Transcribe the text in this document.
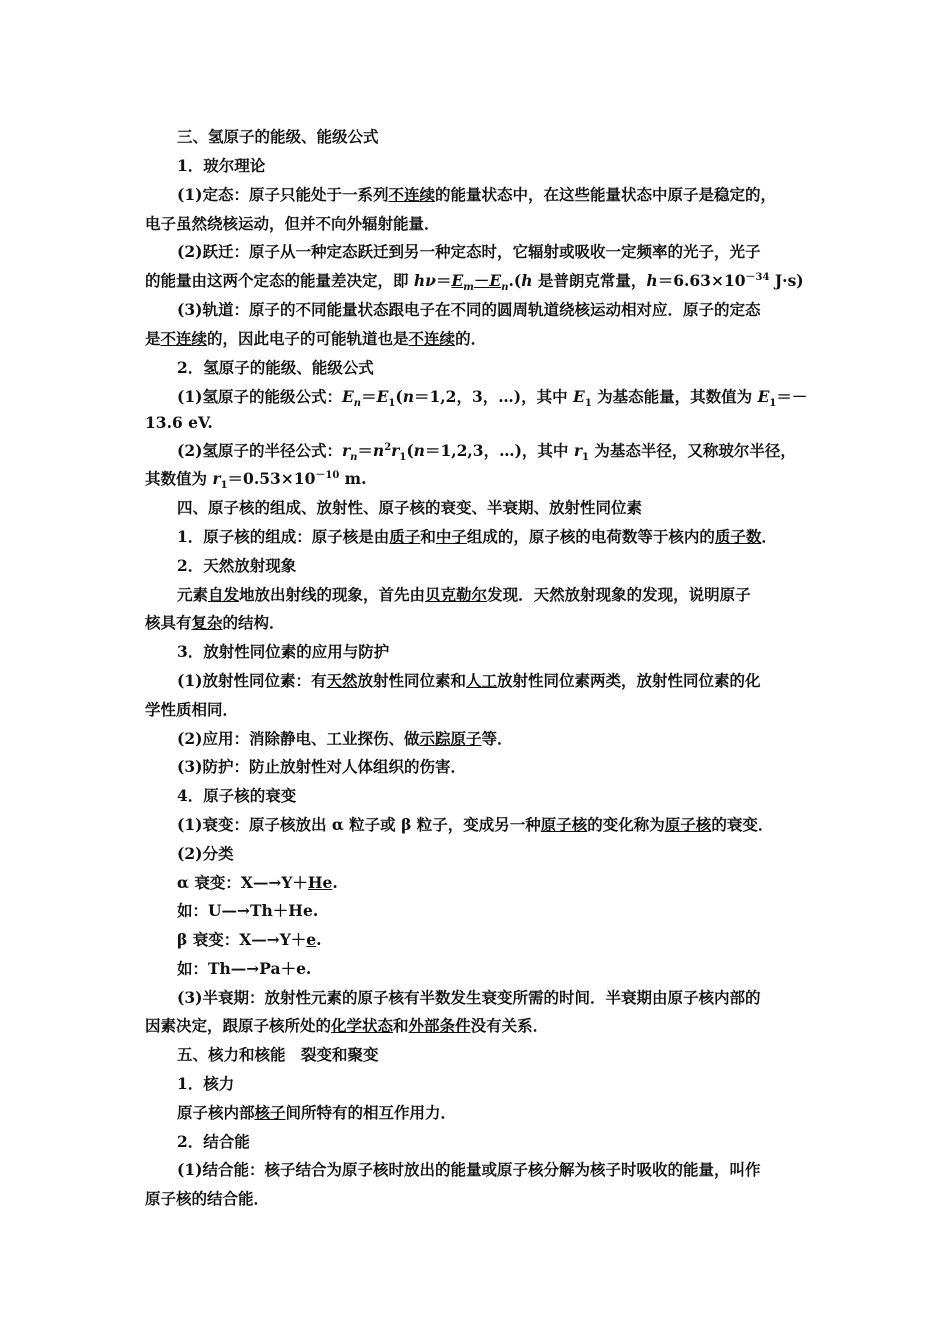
三、氢原子的能级、能级公式
1．玻尔理论
(1)定态：原子只能处于一系列不连续的能量状态中，在这些能量状态中原子是稳定的，
电子虽然绕核运动，但并不向外辐射能量．
(2)跃迁：原子从一种定态跃迁到另一种定态时，它辐射或吸收一定频率的光子，光子
的能量由这两个定态的能量差决定，即 $h\nu=E_m-E_n.(h$ 是普朗克常量，$h=6.63\times 10^{-34}$ J·s)
(3)轨道：原子的不同能量状态跟电子在不同的圆周轨道绕核运动相对应．原子的定态
是不连续的，因此电子的可能轨道也是不连续的．
2．氢原子的能级、能级公式
(1)氢原子的能级公式：$E_n=E_1(n=1,2$，3，…)，其中 $E_1$ 为基态能量，其数值为 $E_1=-$
13.6 eV.
(2)氢原子的半径公式：$r_n=n^2r_1(n=1,2,3$，…)，其中 $r_1$ 为基态半径，又称玻尔半径，
其数值为 $r_1=0.53\times 10^{-10}$ m.
四、原子核的组成、放射性、原子核的衰变、半衰期、放射性同位素
1．原子核的组成：原子核是由质子和中子组成的，原子核的电荷数等于核内的质子数．
2．天然放射现象
元素自发地放出射线的现象，首先由贝克勒尔发现．天然放射现象的发现，说明原子
核具有复杂的结构．
3．放射性同位素的应用与防护
(1)放射性同位素：有天然放射性同位素和人工放射性同位素两类，放射性同位素的化
学性质相同．
(2)应用：消除静电、工业探伤、做示踪原子等．
(3)防护：防止放射性对人体组织的伤害．
4．原子核的衰变
(1)衰变：原子核放出 α 粒子或 β 粒子，变成另一种原子核的变化称为原子核的衰变．
(2)分类
α 衰变：X—→Y＋He.
如：U—→Th＋He.
β 衰变：X—→Y＋e.
如：Th—→Pa＋e.
(3)半衰期：放射性元素的原子核有半数发生衰变所需的时间．半衰期由原子核内部的
因素决定，跟原子核所处的化学状态和外部条件没有关系．
五、核力和核能　裂变和聚变
1．核力
原子核内部核子间所特有的相互作用力．
2．结合能
(1)结合能：核子结合为原子核时放出的能量或原子核分解为核子时吸收的能量，叫作
原子核的结合能．
